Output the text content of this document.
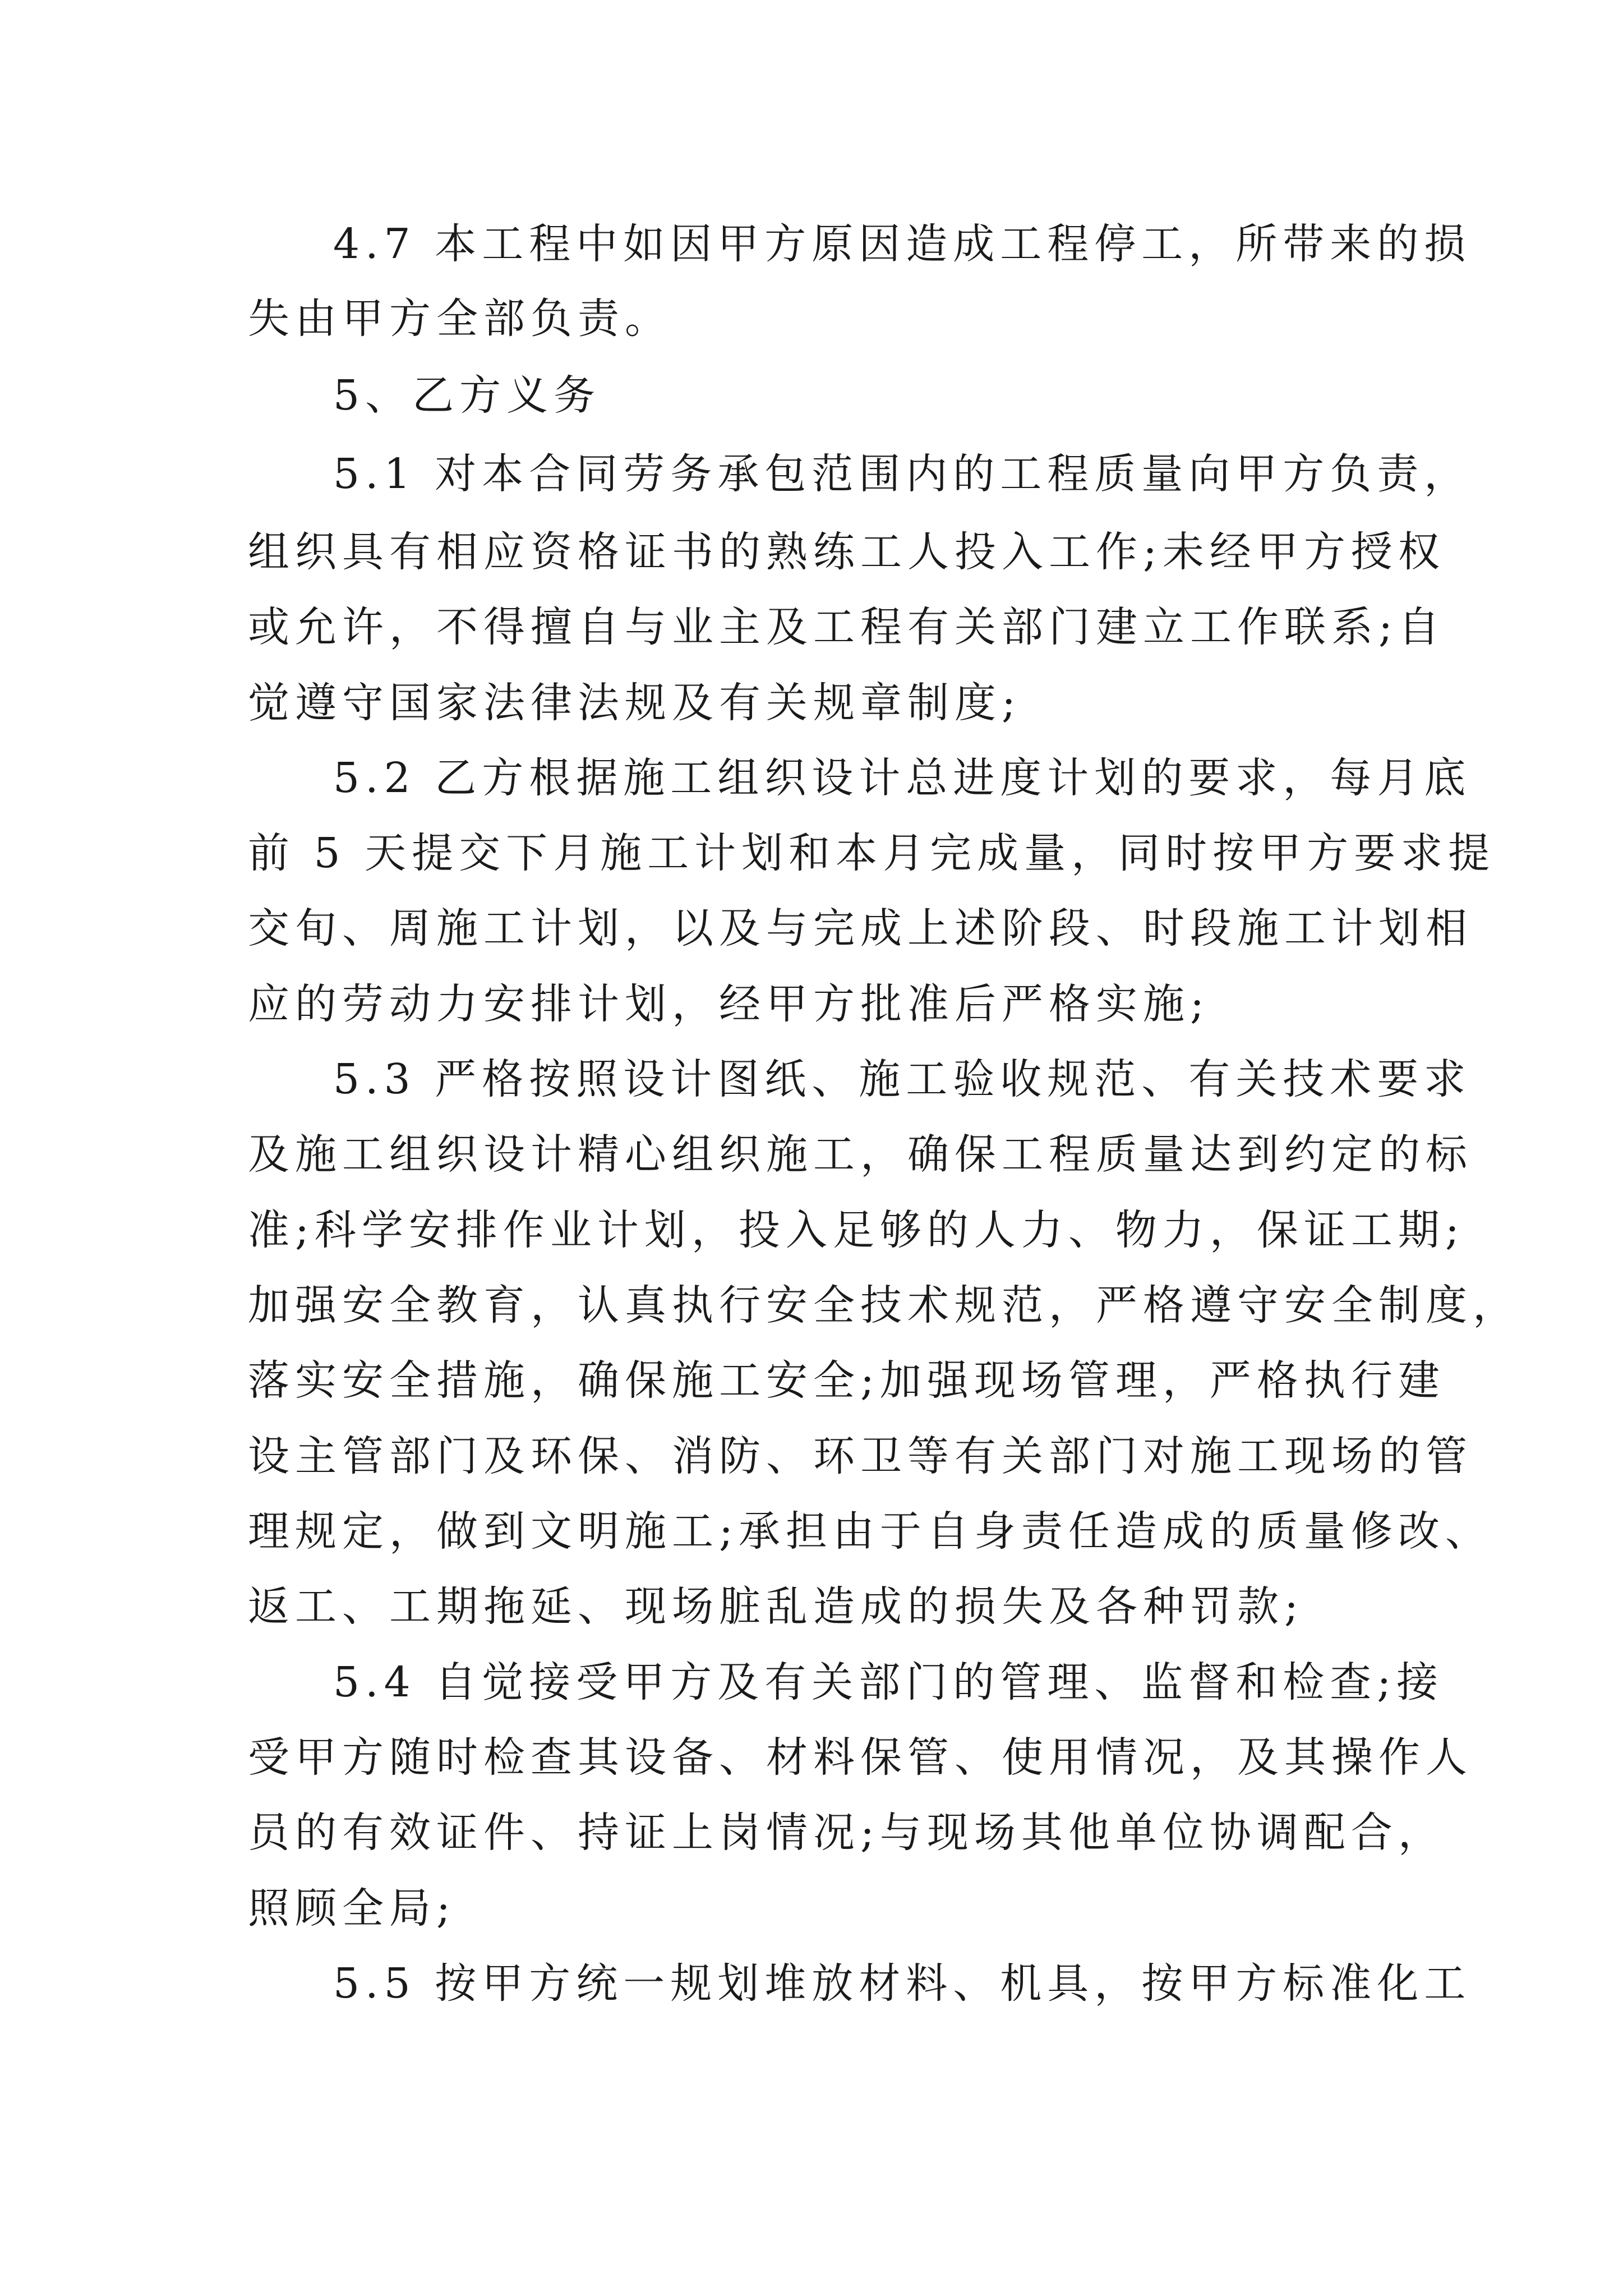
4.7 本工程中如因甲方原因造成工程停工，所带来的损
失由甲方全部负责。
5、乙方义务
5.1 对本合同劳务承包范围内的工程质量向甲方负责，
组织具有相应资格证书的熟练工人投入工作;未经甲方授权
或允许，不得擅自与业主及工程有关部门建立工作联系;自
觉遵守国家法律法规及有关规章制度;
5.2 乙方根据施工组织设计总进度计划的要求，每月底
前 5 天提交下月施工计划和本月完成量，同时按甲方要求提
交旬、周施工计划，以及与完成上述阶段、时段施工计划相
应的劳动力安排计划，经甲方批准后严格实施;
5.3 严格按照设计图纸、施工验收规范、有关技术要求
及施工组织设计精心组织施工，确保工程质量达到约定的标
准;科学安排作业计划，投入足够的人力、物力，保证工期;
加强安全教育，认真执行安全技术规范，严格遵守安全制度，
落实安全措施，确保施工安全;加强现场管理，严格执行建
设主管部门及环保、消防、环卫等有关部门对施工现场的管
理规定，做到文明施工;承担由于自身责任造成的质量修改、
返工、工期拖延、现场脏乱造成的损失及各种罚款;
5.4 自觉接受甲方及有关部门的管理、监督和检查;接
受甲方随时检查其设备、材料保管、使用情况，及其操作人
员的有效证件、持证上岗情况;与现场其他单位协调配合，
照顾全局;
5.5 按甲方统一规划堆放材料、机具，按甲方标准化工
